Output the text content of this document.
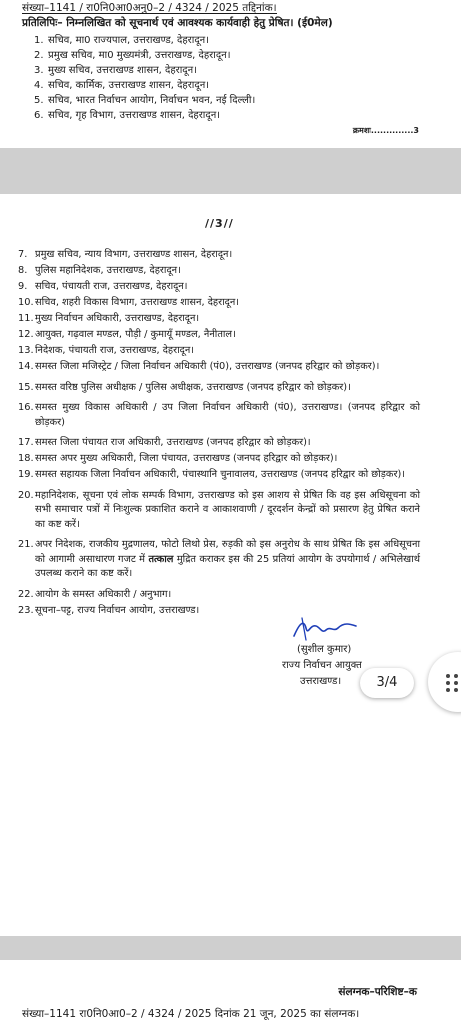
संख्या–1141 / रा0नि0आ0अनु0–2 / 4324 / 2025 तद्दिनांक।
प्रतिलिपिः– निम्नलिखित को सूचनार्थ एवं आवश्यक कार्यवाही हेतु प्रेषित। (ई0मेल)
1. सचिव, मा0 राज्यपाल, उत्तराखण्ड, देहरादून।
2. प्रमुख सचिव, मा0 मुख्यमंत्री, उत्तराखण्ड, देहरादून।
3. मुख्य सचिव, उत्तराखण्ड शासन, देहरादून।
4. सचिव, कार्मिक, उत्तराखण्ड शासन, देहरादून।
5. सचिव, भारत निर्वाचन आयोग, निर्वाचन भवन, नई दिल्ली।
6. सचिव, गृह विभाग, उत्तराखण्ड शासन, देहरादून।
क्रमशः..............3
//3//
7. प्रमुख सचिव, न्याय विभाग, उत्तराखण्ड शासन, देहरादून।
8. पुलिस महानिदेशक, उत्तराखण्ड, देहरादून।
9. सचिव, पंचायती राज, उत्तराखण्ड, देहरादून।
10. सचिव, शहरी विकास विभाग, उत्तराखण्ड शासन, देहरादून।
11. मुख्य निर्वाचन अधिकारी, उत्तराखण्ड, देहरादून।
12. आयुक्त, गढ़वाल मण्डल, पौड़ी / कुमायूँ मण्डल, नैनीताल।
13. निदेशक, पंचायती राज, उत्तराखण्ड, देहरादून।
14. समस्त जिला मजिस्ट्रेट / जिला निर्वाचन अधिकारी (पं0), उत्तराखण्ड (जनपद हरिद्वार को छोड़कर)।
15. समस्त वरिष्ठ पुलिस अधीक्षक / पुलिस अधीक्षक, उत्तराखण्ड (जनपद हरिद्वार को छोड़कर)।
16. समस्त मुख्य विकास अधिकारी / उप जिला निर्वाचन अधिकारी (पं0), उत्तराखण्ड। (जनपद हरिद्वार को छोड़कर)
17. समस्त जिला पंचायत राज अधिकारी, उत्तराखण्ड (जनपद हरिद्वार को छोड़कर)।
18. समस्त अपर मुख्य अधिकारी, जिला पंचायत, उत्तराखण्ड (जनपद हरिद्वार को छोड़कर)।
19. समस्त सहायक जिला निर्वाचन अधिकारी, पंचास्थानि चुनावालय, उत्तराखण्ड (जनपद हरिद्वार को छोड़कर)।
20. महानिदेशक, सूचना एवं लोक सम्पर्क विभाग, उत्तराखण्ड को इस आशय से प्रेषित कि वह इस अधिसूचना को सभी समाचार पत्रों में निःशुल्क प्रकाशित कराने व आकाशवाणी / दूरदर्शन केन्द्रों को प्रसारण हेतु प्रेषित कराने का कष्ट करें।
21. अपर निदेशक, राजकीय मुद्रणालय, फोटो लिथो प्रेस, रुड़की को इस अनुरोध के साथ प्रेषित कि इस अधिसूचना को आगामी असाधारण गजट में तत्काल मुद्रित कराकर इस की 25 प्रतियां आयोग के उपयोगार्थ / अभिलेखार्थ उपलब्ध कराने का कष्ट करें।
22. आयोग के समस्त अधिकारी / अनुभाग।
23. सूचना–पट्ट, राज्य निर्वाचन आयोग, उत्तराखण्ड।
(सुशील कुमार)
राज्य निर्वाचन आयुक्त
उत्तराखण्ड।	3/4
संलग्नक–परिशिष्ट–क
संख्या–1141 रा0नि0आ0–2 / 4324 / 2025 दिनांक 21 जून, 2025 का संलग्नक।
